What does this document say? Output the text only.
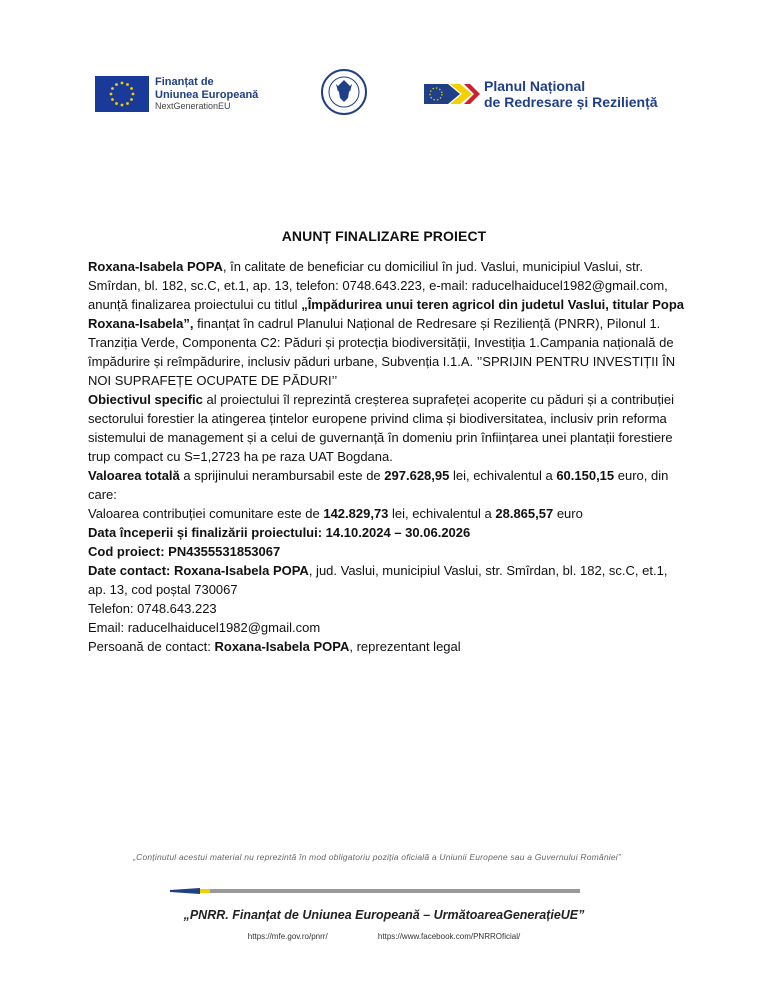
Finanțat de
Uniunea Europeană
NextGenerationEU
Planul Național
de Redresare și Reziliență
ANUNȚ FINALIZARE PROIECT

Roxana-Isabela POPA, în calitate de beneficiar cu domiciliul în jud. Vaslui, municipiul Vaslui, str. Smîrdan, bl. 182, sc.C, et.1, ap. 13, telefon: 0748.643.223, e-mail: raducelhaiducel1982@gmail.com, anunță finalizarea proiectului cu titlul „Împădurirea unui teren agricol din judetul Vaslui, titular Popa Roxana-Isabela”, finanțat în cadrul Planului Național de Redresare și Reziliență (PNRR), Pilonul 1. Tranziția Verde, Componenta C2: Păduri și protecția biodiversității, Investiția 1.Campania națională de împădurire și reîmpădurire, inclusiv păduri urbane, Subvenția I.1.A. ’’SPRIJIN PENTRU INVESTIȚII ÎN NOI SUPRAFEȚE OCUPATE DE PĂDURI’’

Obiectivul specific al proiectului îl reprezintă creșterea suprafeței acoperite cu păduri și a contribuției sectorului forestier la atingerea țintelor europene privind clima și biodiversitatea, inclusiv prin reforma sistemului de management și a celui de guvernanță în domeniu prin înființarea unei plantații forestiere trup compact cu S=1,2723 ha pe raza UAT Bogdana.

Valoarea totală a sprijinului nerambursabil este de 297.628,95 lei, echivalentul a 60.150,15 euro, din care:

Valoarea contribuției comunitare este de 142.829,73 lei, echivalentul a 28.865,57 euro

Data începerii și finalizării proiectului: 14.10.2024 – 30.06.2026

Cod proiect: PN4355531853067

Date contact: Roxana-Isabela POPA, jud. Vaslui, municipiul Vaslui, str. Smîrdan, bl. 182, sc.C, et.1, ap. 13, cod poștal 730067

Telefon: 0748.643.223

Email: raducelhaiducel1982@gmail.com

Persoană de contact: Roxana-Isabela POPA, reprezentant legal

„Conținutul acestui material nu reprezintă în mod obligatoriu poziția oficială a Uniunii Europene sau a Guvernului României”
„PNRR. Finanțat de Uniunea Europeană – UrmătoareaGenerațieUE”
https://mfe.gov.ro/pnrr/	https://www.facebook.com/PNRROficial/
